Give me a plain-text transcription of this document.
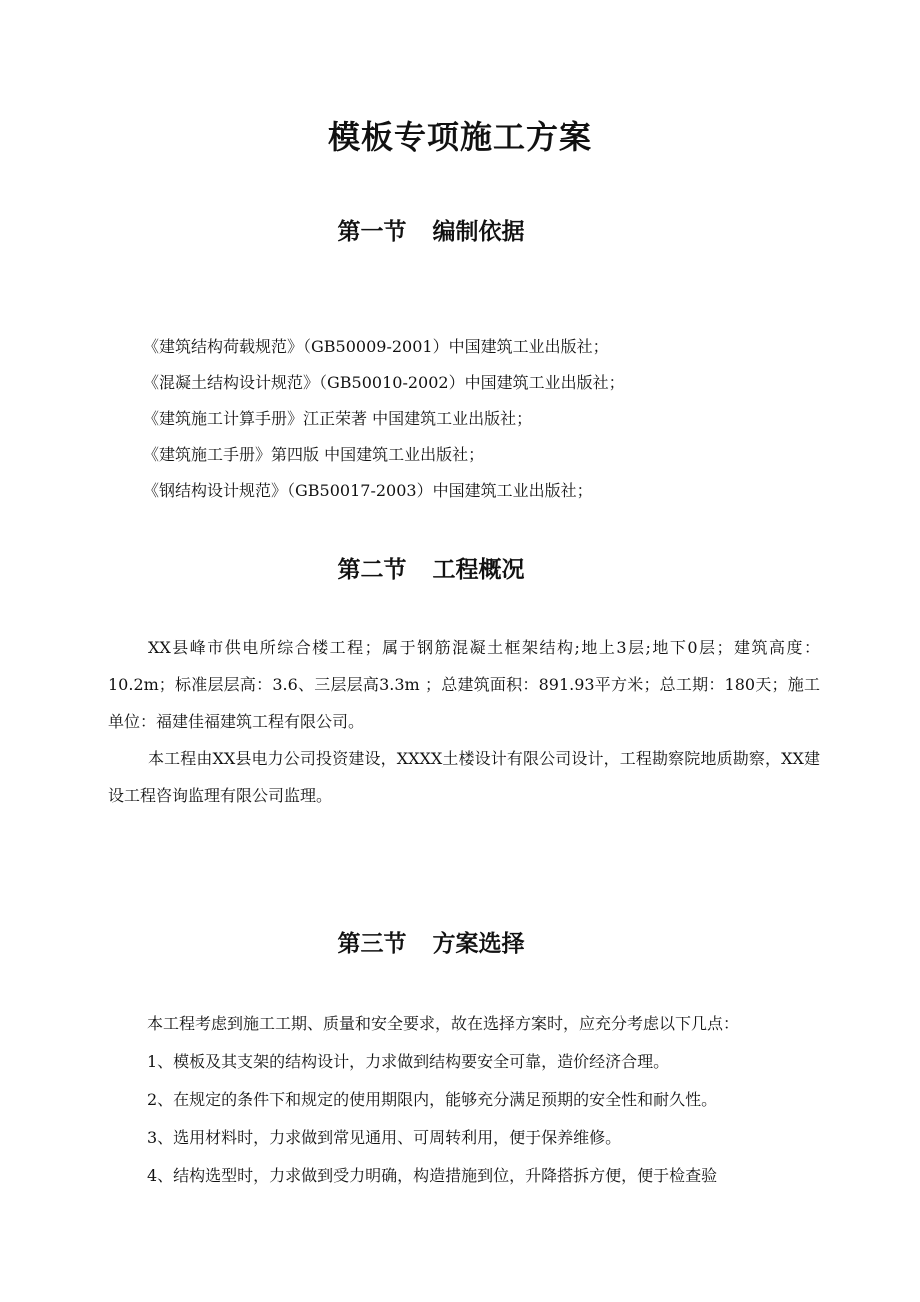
模板专项施工方案
第一节 编制依据
《建筑结构荷载规范》（GB50009-2001）中国建筑工业出版社；
《混凝土结构设计规范》（GB50010-2002）中国建筑工业出版社；
《建筑施工计算手册》江正荣著 中国建筑工业出版社；
《建筑施工手册》第四版 中国建筑工业出版社；
《钢结构设计规范》（GB50017-2003）中国建筑工业出版社；
第二节 工程概况

XX县峰市供电所综合楼工程；属于钢筋混凝土框架结构;地上3层;地下0层；建筑高度：10.2m；标准层层高：3.6、三层层高3.3m ；总建筑面积：891.93平方米；总工期：180天；施工单位：福建佳福建筑工程有限公司。

本工程由XX县电力公司投资建设，XXXX土楼设计有限公司设计，工程勘察院地质勘察，XX建设工程咨询监理有限公司监理。

第三节 方案选择
本工程考虑到施工工期、质量和安全要求，故在选择方案时，应充分考虑以下几点：
1、模板及其支架的结构设计，力求做到结构要安全可靠，造价经济合理。
2、在规定的条件下和规定的使用期限内，能够充分满足预期的安全性和耐久性。
3、选用材料时，力求做到常见通用、可周转利用，便于保养维修。
4、结构选型时，力求做到受力明确，构造措施到位，升降搭拆方便，便于检查验
